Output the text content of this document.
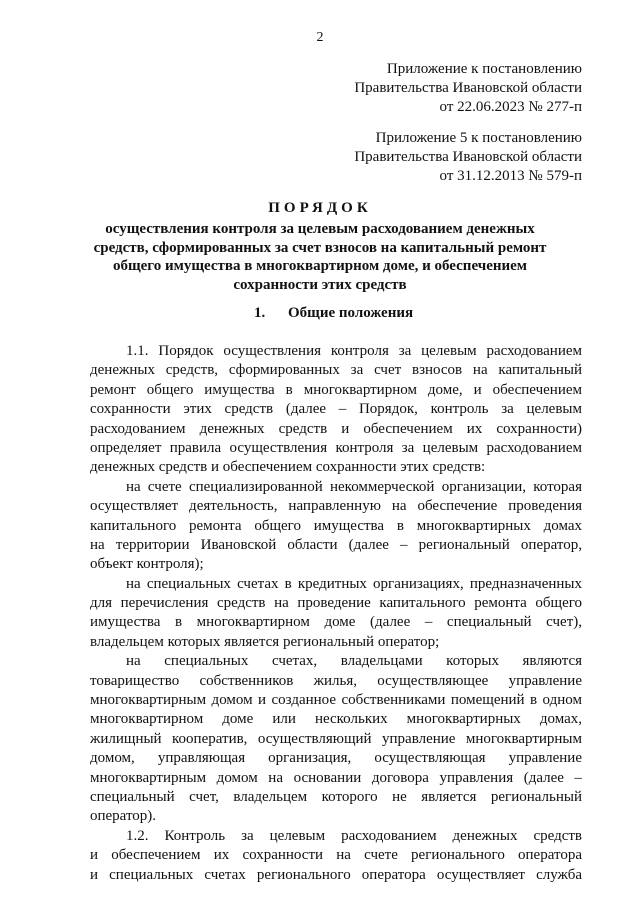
2
Приложение к постановлению
Правительства Ивановской области
от 22.06.2023 № 277-п
Приложение 5 к постановлению
Правительства Ивановской области
от 31.12.2013 № 579-п
ПОРЯДОК
осуществления контроля за целевым расходованием денежных
средств, сформированных за счет взносов на капитальный ремонт
общего имущества в многоквартирном доме, и обеспечением
сохранности этих средств
1. Общие положения
1.1. Порядок осуществления контроля за целевым расходованием
денежных средств, сформированных за счет взносов на капитальный
ремонт общего имущества в многоквартирном доме, и обеспечением
сохранности этих средств (далее – Порядок, контроль за целевым
расходованием денежных средств и обеспечением их сохранности)
определяет правила осуществления контроля за целевым расходованием
денежных средств и обеспечением сохранности этих средств:
на счете специализированной некоммерческой организации, которая
осуществляет деятельность, направленную на обеспечение проведения
капитального ремонта общего имущества в многоквартирных домах
на территории Ивановской области (далее – региональный оператор,
объект контроля);
на специальных счетах в кредитных организациях, предназначенных
для перечисления средств на проведение капитального ремонта общего
имущества в многоквартирном доме (далее – специальный счет),
владельцем которых является региональный оператор;
на специальных счетах, владельцами которых являются
товарищество собственников жилья, осуществляющее управление
многоквартирным домом и созданное собственниками помещений в одном
многоквартирном доме или нескольких многоквартирных домах,
жилищный кооператив, осуществляющий управление многоквартирным
домом, управляющая организация, осуществляющая управление
многоквартирным домом на основании договора управления (далее –
специальный счет, владельцем которого не является региональный
оператор).
1.2. Контроль за целевым расходованием денежных средств
и обеспечением их сохранности на счете регионального оператора
и специальных счетах регионального оператора осуществляет служба
